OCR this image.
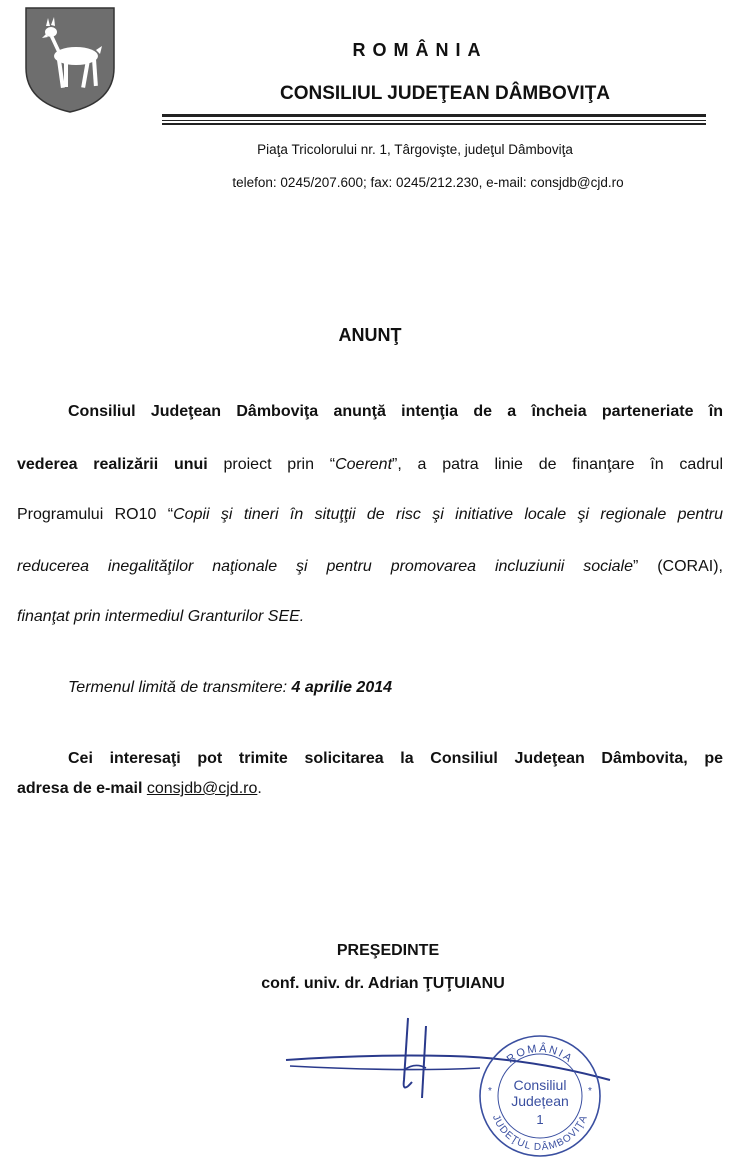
ROMÂNIA
CONSILIUL JUDEŢEAN DÂMBOVIŢA
Piaţa Tricolorului nr. 1, Târgovişte, judeţul Dâmboviţa
telefon: 0245/207.600; fax: 0245/212.230, e-mail: consjdb@cjd.ro
ANUNŢ
Consiliul Judeţean Dâmboviţa anunţă intenţia de a încheia parteneriate în
vederea realizării unui proiect prin “Coerent”, a patra linie de finanţare în cadrul
Programului RO10 “Copii şi tineri în situţţii de risc şi initiative locale şi regionale pentru
reducerea inegalităţilor naţionale şi pentru promovarea incluziunii sociale” (CORAI),
finanţat prin intermediul Granturilor SEE.
Termenul limită de transmitere: 4 aprilie 2014
Cei interesaţi pot trimite solicitarea la Consiliul Judeţean Dâmbovita, pe
adresa de e-mail consjdb@cjd.ro.
PREŞEDINTE
conf. univ. dr. Adrian ŢUŢUIANU
ROMÂNIA
JUDEŢUL DÂMBOVIŢA
Consiliul
Județean
1
*	*
